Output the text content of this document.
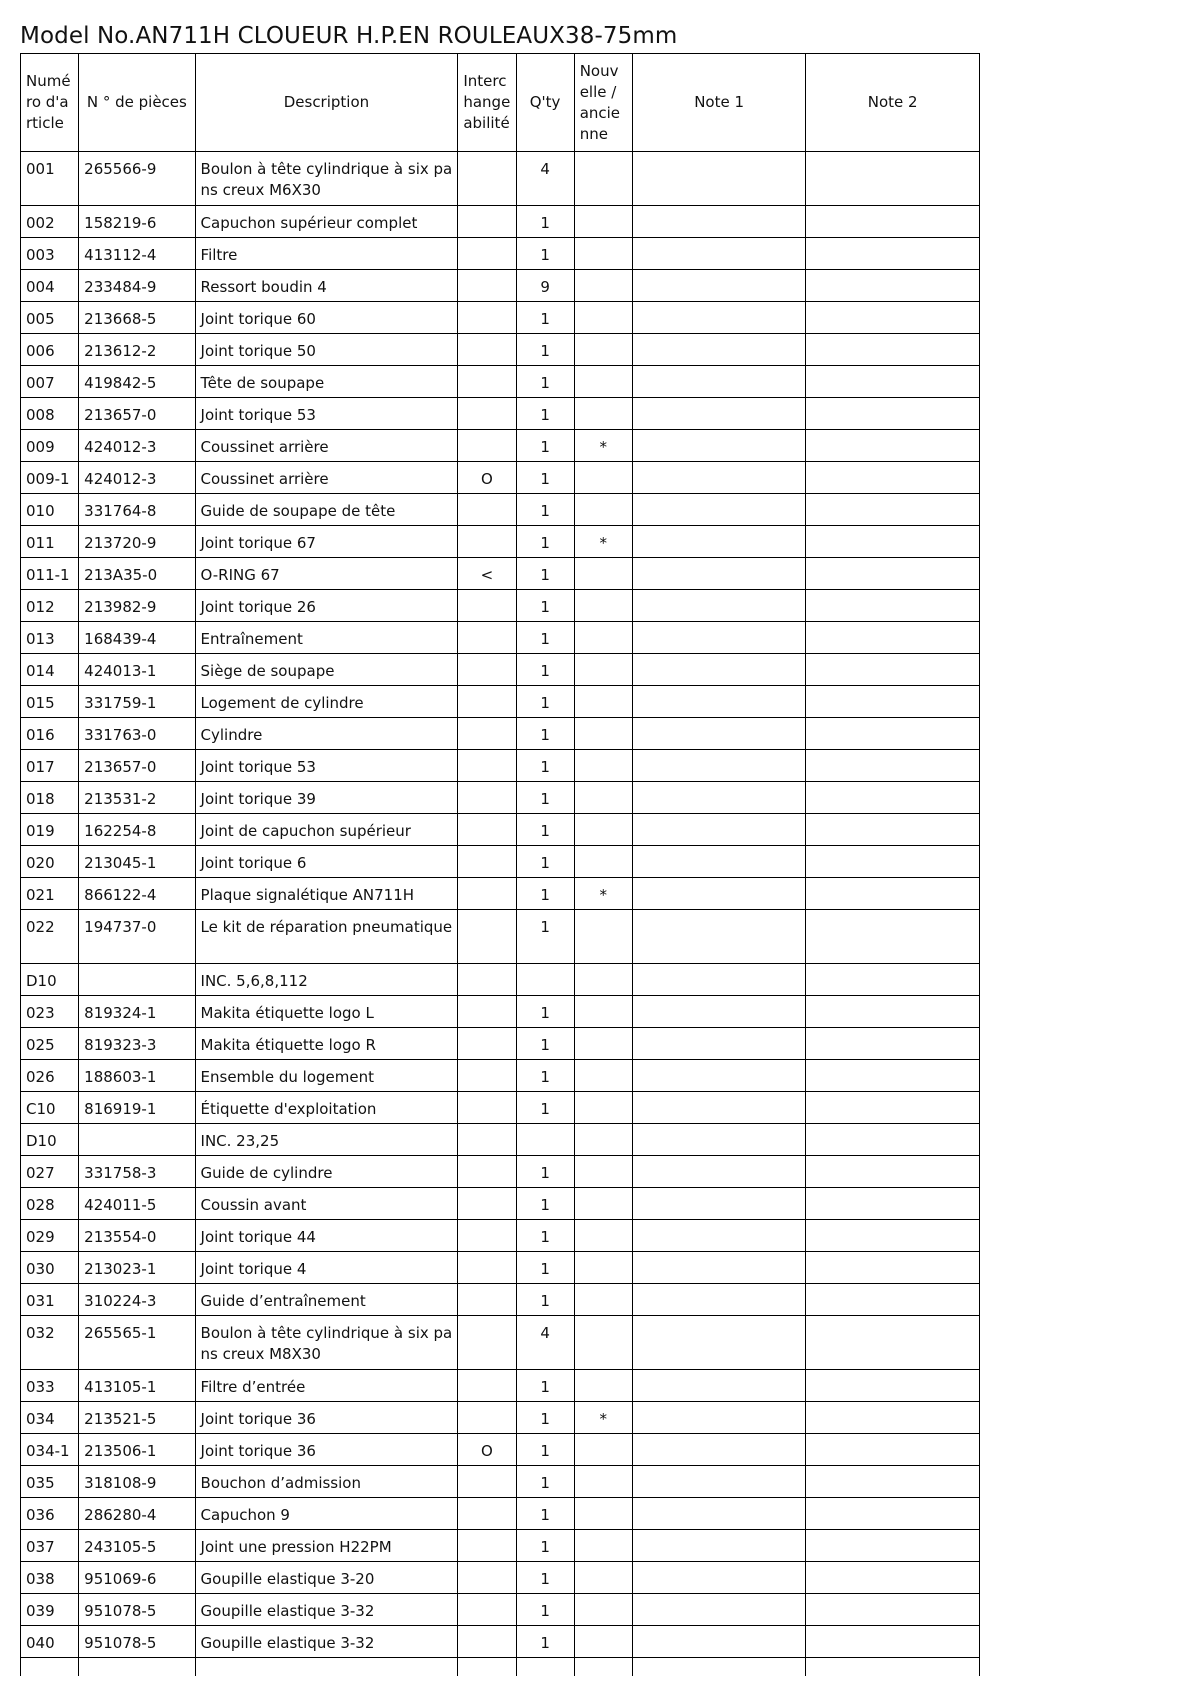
Model No.AN711H CLOUEUR H.P.EN ROULEAUX38-75mm
Numéro d'article	N ° de pièces	Description	Interchangeabilité	Q'ty	Nouvelle / ancienne	Note 1	Note 2
001	265566-9	Boulon à tête cylindrique à six pans creux M6X30		4			
002	158219-6	Capuchon supérieur complet		1			
003	413112-4	Filtre		1			
004	233484-9	Ressort boudin 4		9			
005	213668-5	Joint torique 60		1			
006	213612-2	Joint torique 50		1			
007	419842-5	Tête de soupape		1			
008	213657-0	Joint torique 53		1			
009	424012-3	Coussinet arrière		1	*		
009-1	424012-3	Coussinet arrière	O	1			
010	331764-8	Guide de soupape de tête		1			
011	213720-9	Joint torique 67		1	*		
011-1	213A35-0	O-RING 67	<	1			
012	213982-9	Joint torique 26		1			
013	168439-4	Entraînement		1			
014	424013-1	Siège de soupape		1			
015	331759-1	Logement de cylindre		1			
016	331763-0	Cylindre		1			
017	213657-0	Joint torique 53		1			
018	213531-2	Joint torique 39		1			
019	162254-8	Joint de capuchon supérieur		1			
020	213045-1	Joint torique 6		1			
021	866122-4	Plaque signalétique AN711H		1	*		
022	194737-0	Le kit de réparation pneumatique		1			
D10		INC. 5,6,8,112					
023	819324-1	Makita étiquette logo L		1			
025	819323-3	Makita étiquette logo R		1			
026	188603-1	Ensemble du logement		1			
C10	816919-1	Étiquette d'exploitation		1			
D10		INC. 23,25					
027	331758-3	Guide de cylindre		1			
028	424011-5	Coussin avant		1			
029	213554-0	Joint torique 44		1			
030	213023-1	Joint torique 4		1			
031	310224-3	Guide d’entraînement		1			
032	265565-1	Boulon à tête cylindrique à six pans creux M8X30		4			
033	413105-1	Filtre d’entrée		1			
034	213521-5	Joint torique 36		1	*		
034-1	213506-1	Joint torique 36	O	1			
035	318108-9	Bouchon d’admission		1			
036	286280-4	Capuchon 9		1			
037	243105-5	Joint une pression H22PM		1			
038	951069-6	Goupille elastique 3-20		1			
039	951078-5	Goupille elastique 3-32		1			
040	951078-5	Goupille elastique 3-32		1			
